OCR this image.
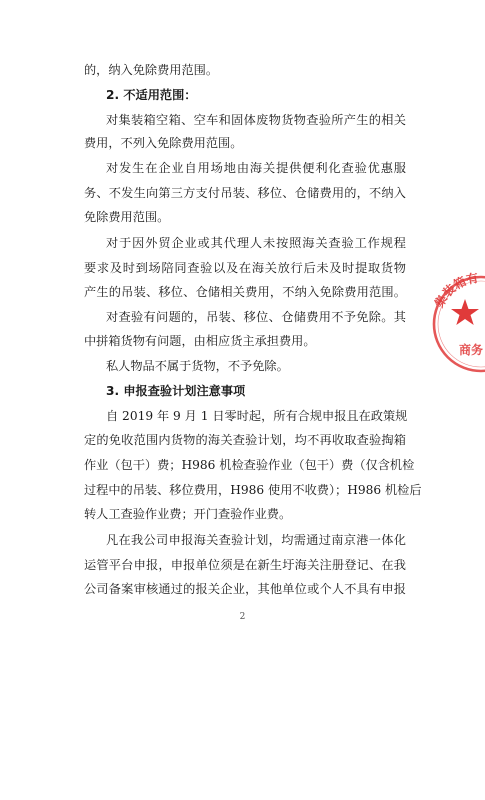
的，纳入免除费用范围。
2. 不适用范围：
对集装箱空箱、空车和固体废物货物查验所产生的相关
费用，不列入免除费用范围。
对发生在企业自用场地由海关提供便利化查验优惠服
务、不发生向第三方支付吊装、移位、仓储费用的，不纳入
免除费用范围。
对于因外贸企业或其代理人未按照海关查验工作规程
要求及时到场陪同查验以及在海关放行后未及时提取货物
产生的吊装、移位、仓储相关费用，不纳入免除费用范围。
对查验有问题的，吊装、移位、仓储费用不予免除。其
中拼箱货物有问题，由相应货主承担费用。
私人物品不属于货物，不予免除。
3. 申报查验计划注意事项
自 2019 年 9 月 1 日零时起，所有合规申报且在政策规
定的免收范围内货物的海关查验计划，均不再收取查验掏箱
作业（包干）费；H986 机检查验作业（包干）费（仅含机检
过程中的吊装、移位费用，H986 使用不收费）；H986 机检后
转人工查验作业费；开门查验作业费。
凡在我公司申报海关查验计划，均需通过南京港一体化
运管平台申报，申报单位须是在新生圩海关注册登记、在我
公司备案审核通过的报关企业，其他单位或个人不具有申报
2
集装箱有
商务
